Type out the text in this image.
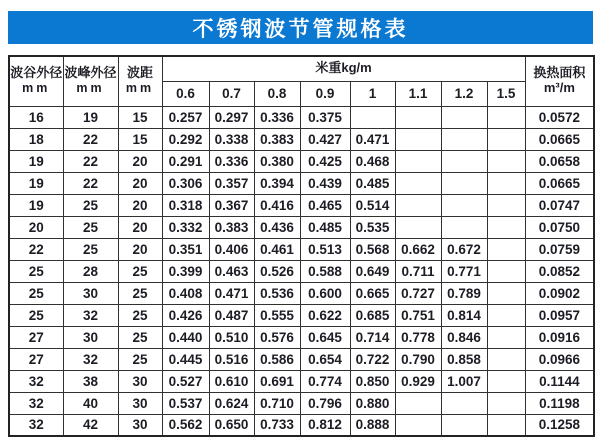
不锈钢波节管规格表
波谷外径
mm	波峰外径
mm	波距
mm	米重kg/m								换热面积
m³/m
			0.6	0.7	0.8	0.9	1	1.1	1.2	1.5	
16	19	15	0.257	0.297	0.336	0.375					0.0572
18	22	15	0.292	0.338	0.383	0.427	0.471				0.0665
19	22	20	0.291	0.336	0.380	0.425	0.468				0.0658
19	22	20	0.306	0.357	0.394	0.439	0.485				0.0665
19	25	20	0.318	0.367	0.416	0.465	0.514				0.0747
20	25	20	0.332	0.383	0.436	0.485	0.535				0.0750
22	25	20	0.351	0.406	0.461	0.513	0.568	0.662	0.672		0.0759
25	28	25	0.399	0.463	0.526	0.588	0.649	0.711	0.771		0.0852
25	30	25	0.408	0.471	0.536	0.600	0.665	0.727	0.789		0.0902
25	32	25	0.426	0.487	0.555	0.622	0.685	0.751	0.814		0.0957
27	30	25	0.440	0.510	0.576	0.645	0.714	0.778	0.846		0.0916
27	32	25	0.445	0.516	0.586	0.654	0.722	0.790	0.858		0.0966
32	38	30	0.527	0.610	0.691	0.774	0.850	0.929	1.007		0.1144
32	40	30	0.537	0.624	0.710	0.796	0.880				0.1198
32	42	30	0.562	0.650	0.733	0.812	0.888				0.1258
